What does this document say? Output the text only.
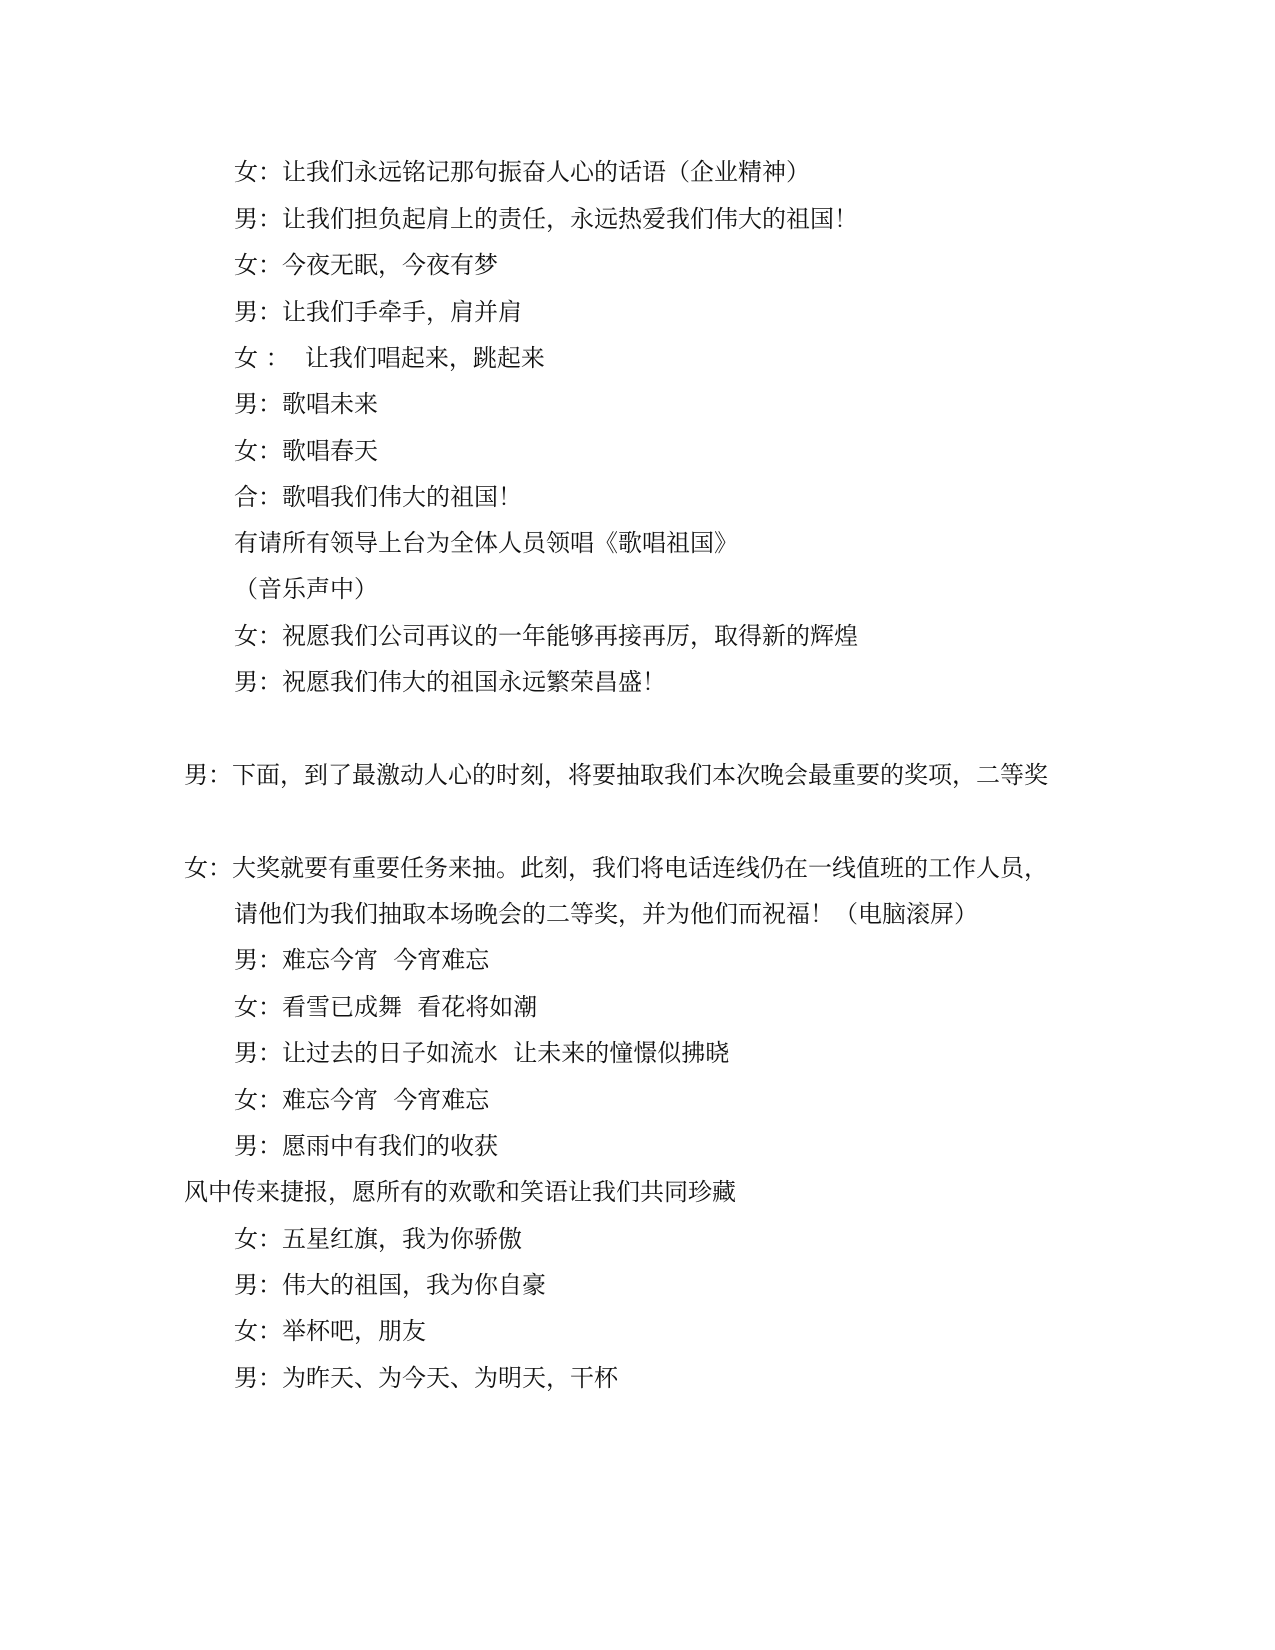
女：让我们永远铭记那句振奋人心的话语（企业精神）
男：让我们担负起肩上的责任，永远热爱我们伟大的祖国！
女：今夜无眠，今夜有梦
男：让我们手牵手，肩并肩
女 ：  让我们唱起来，跳起来
男：歌唱未来
女：歌唱春天
合：歌唱我们伟大的祖国！
有请所有领导上台为全体人员领唱《歌唱祖国》
（音乐声中）
女：祝愿我们公司再议的一年能够再接再厉，取得新的辉煌
男：祝愿我们伟大的祖国永远繁荣昌盛！
男：下面，到了最激动人心的时刻，将要抽取我们本次晚会最重要的奖项，二等奖
女：大奖就要有重要任务来抽。此刻，我们将电话连线仍在一线值班的工作人员，
请他们为我们抽取本场晚会的二等奖，并为他们而祝福！（电脑滚屏）
男：难忘今宵  今宵难忘
女：看雪已成舞  看花将如潮
男：让过去的日子如流水  让未来的憧憬似拂晓
女：难忘今宵  今宵难忘
男：愿雨中有我们的收获
风中传来捷报，愿所有的欢歌和笑语让我们共同珍藏
女：五星红旗，我为你骄傲
男：伟大的祖国，我为你自豪
女：举杯吧，朋友
男：为昨天、为今天、为明天，干杯
